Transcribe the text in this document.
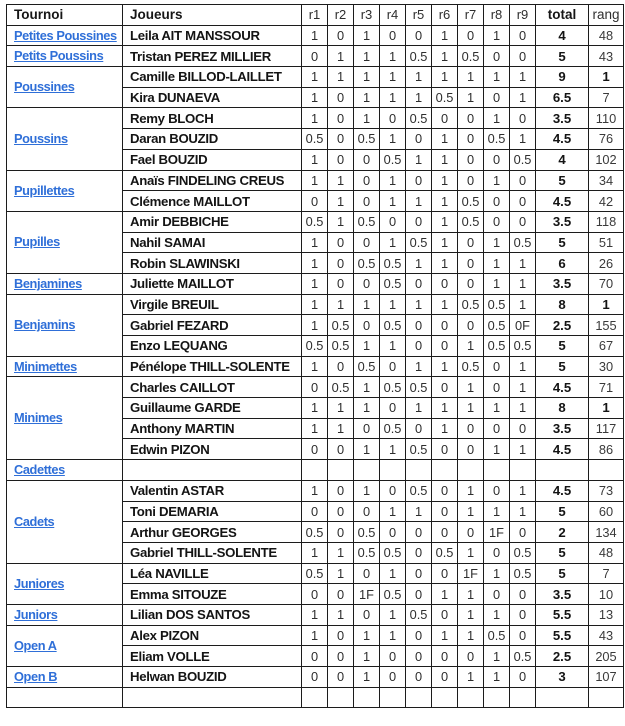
Tournoi	Joueurs	r1	r2	r3	r4	r5	r6	r7	r8	r9	total	rang
Petites Poussines	Leila AIT MANSSOUR	1	0	1	0	0	1	0	1	0	4	48
Petits Poussins	Tristan PEREZ MILLIER	0	1	1	1	0.5	1	0.5	0	0	5	43
Poussines	Camille BILLOD-LAILLET	1	1	1	1	1	1	1	1	1	9	1
	Kira DUNAEVA	1	0	1	1	1	0.5	1	0	1	6.5	7
Poussins	Remy BLOCH	1	0	1	0	0.5	0	0	1	0	3.5	110
	Daran BOUZID	0.5	0	0.5	1	0	1	0	0.5	1	4.5	76
	Fael BOUZID	1	0	0	0.5	1	1	0	0	0.5	4	102
Pupillettes	Anaïs FINDELING CREUS	1	1	0	1	0	1	0	1	0	5	34
	Clémence MAILLOT	0	1	0	1	1	1	0.5	0	0	4.5	42
Pupilles	Amir DEBBICHE	0.5	1	0.5	0	0	1	0.5	0	0	3.5	118
	Nahil SAMAI	1	0	0	1	0.5	1	0	1	0.5	5	51
	Robin SLAWINSKI	1	0	0.5	0.5	1	1	0	1	1	6	26
Benjamines	Juliette MAILLOT	1	0	0	0.5	0	0	0	1	1	3.5	70
Benjamins	Virgile BREUIL	1	1	1	1	1	1	0.5	0.5	1	8	1
	Gabriel FEZARD	1	0.5	0	0.5	0	0	0	0.5	0F	2.5	155
	Enzo LEQUANG	0.5	0.5	1	1	0	0	1	0.5	0.5	5	67
Minimettes	Pénélope THILL-SOLENTE	1	0	0.5	0	1	1	0.5	0	1	5	30
Minimes	Charles CAILLOT	0	0.5	1	0.5	0.5	0	1	0	1	4.5	71
	Guillaume GARDE	1	1	1	0	1	1	1	1	1	8	1
	Anthony MARTIN	1	1	0	0.5	0	1	0	0	0	3.5	117
	Edwin PIZON	0	0	1	1	0.5	0	0	1	1	4.5	86
Cadettes												
Cadets	Valentin ASTAR	1	0	1	0	0.5	0	1	0	1	4.5	73
	Toni DEMARIA	0	0	0	1	1	0	1	1	1	5	60
	Arthur GEORGES	0.5	0	0.5	0	0	0	0	1F	0	2	134
	Gabriel THILL-SOLENTE	1	1	0.5	0.5	0	0.5	1	0	0.5	5	48
Juniores	Léa NAVILLE	0.5	1	0	1	0	0	1F	1	0.5	5	7
	Emma SITOUZE	0	0	1F	0.5	0	1	1	0	0	3.5	10
Juniors	Lilian DOS SANTOS	1	1	0	1	0.5	0	1	1	0	5.5	13
Open A	Alex PIZON	1	0	1	1	0	1	1	0.5	0	5.5	43
	Eliam VOLLE	0	0	1	0	0	0	0	1	0.5	2.5	205
Open B	Helwan BOUZID	0	0	1	0	0	0	1	1	0	3	107
